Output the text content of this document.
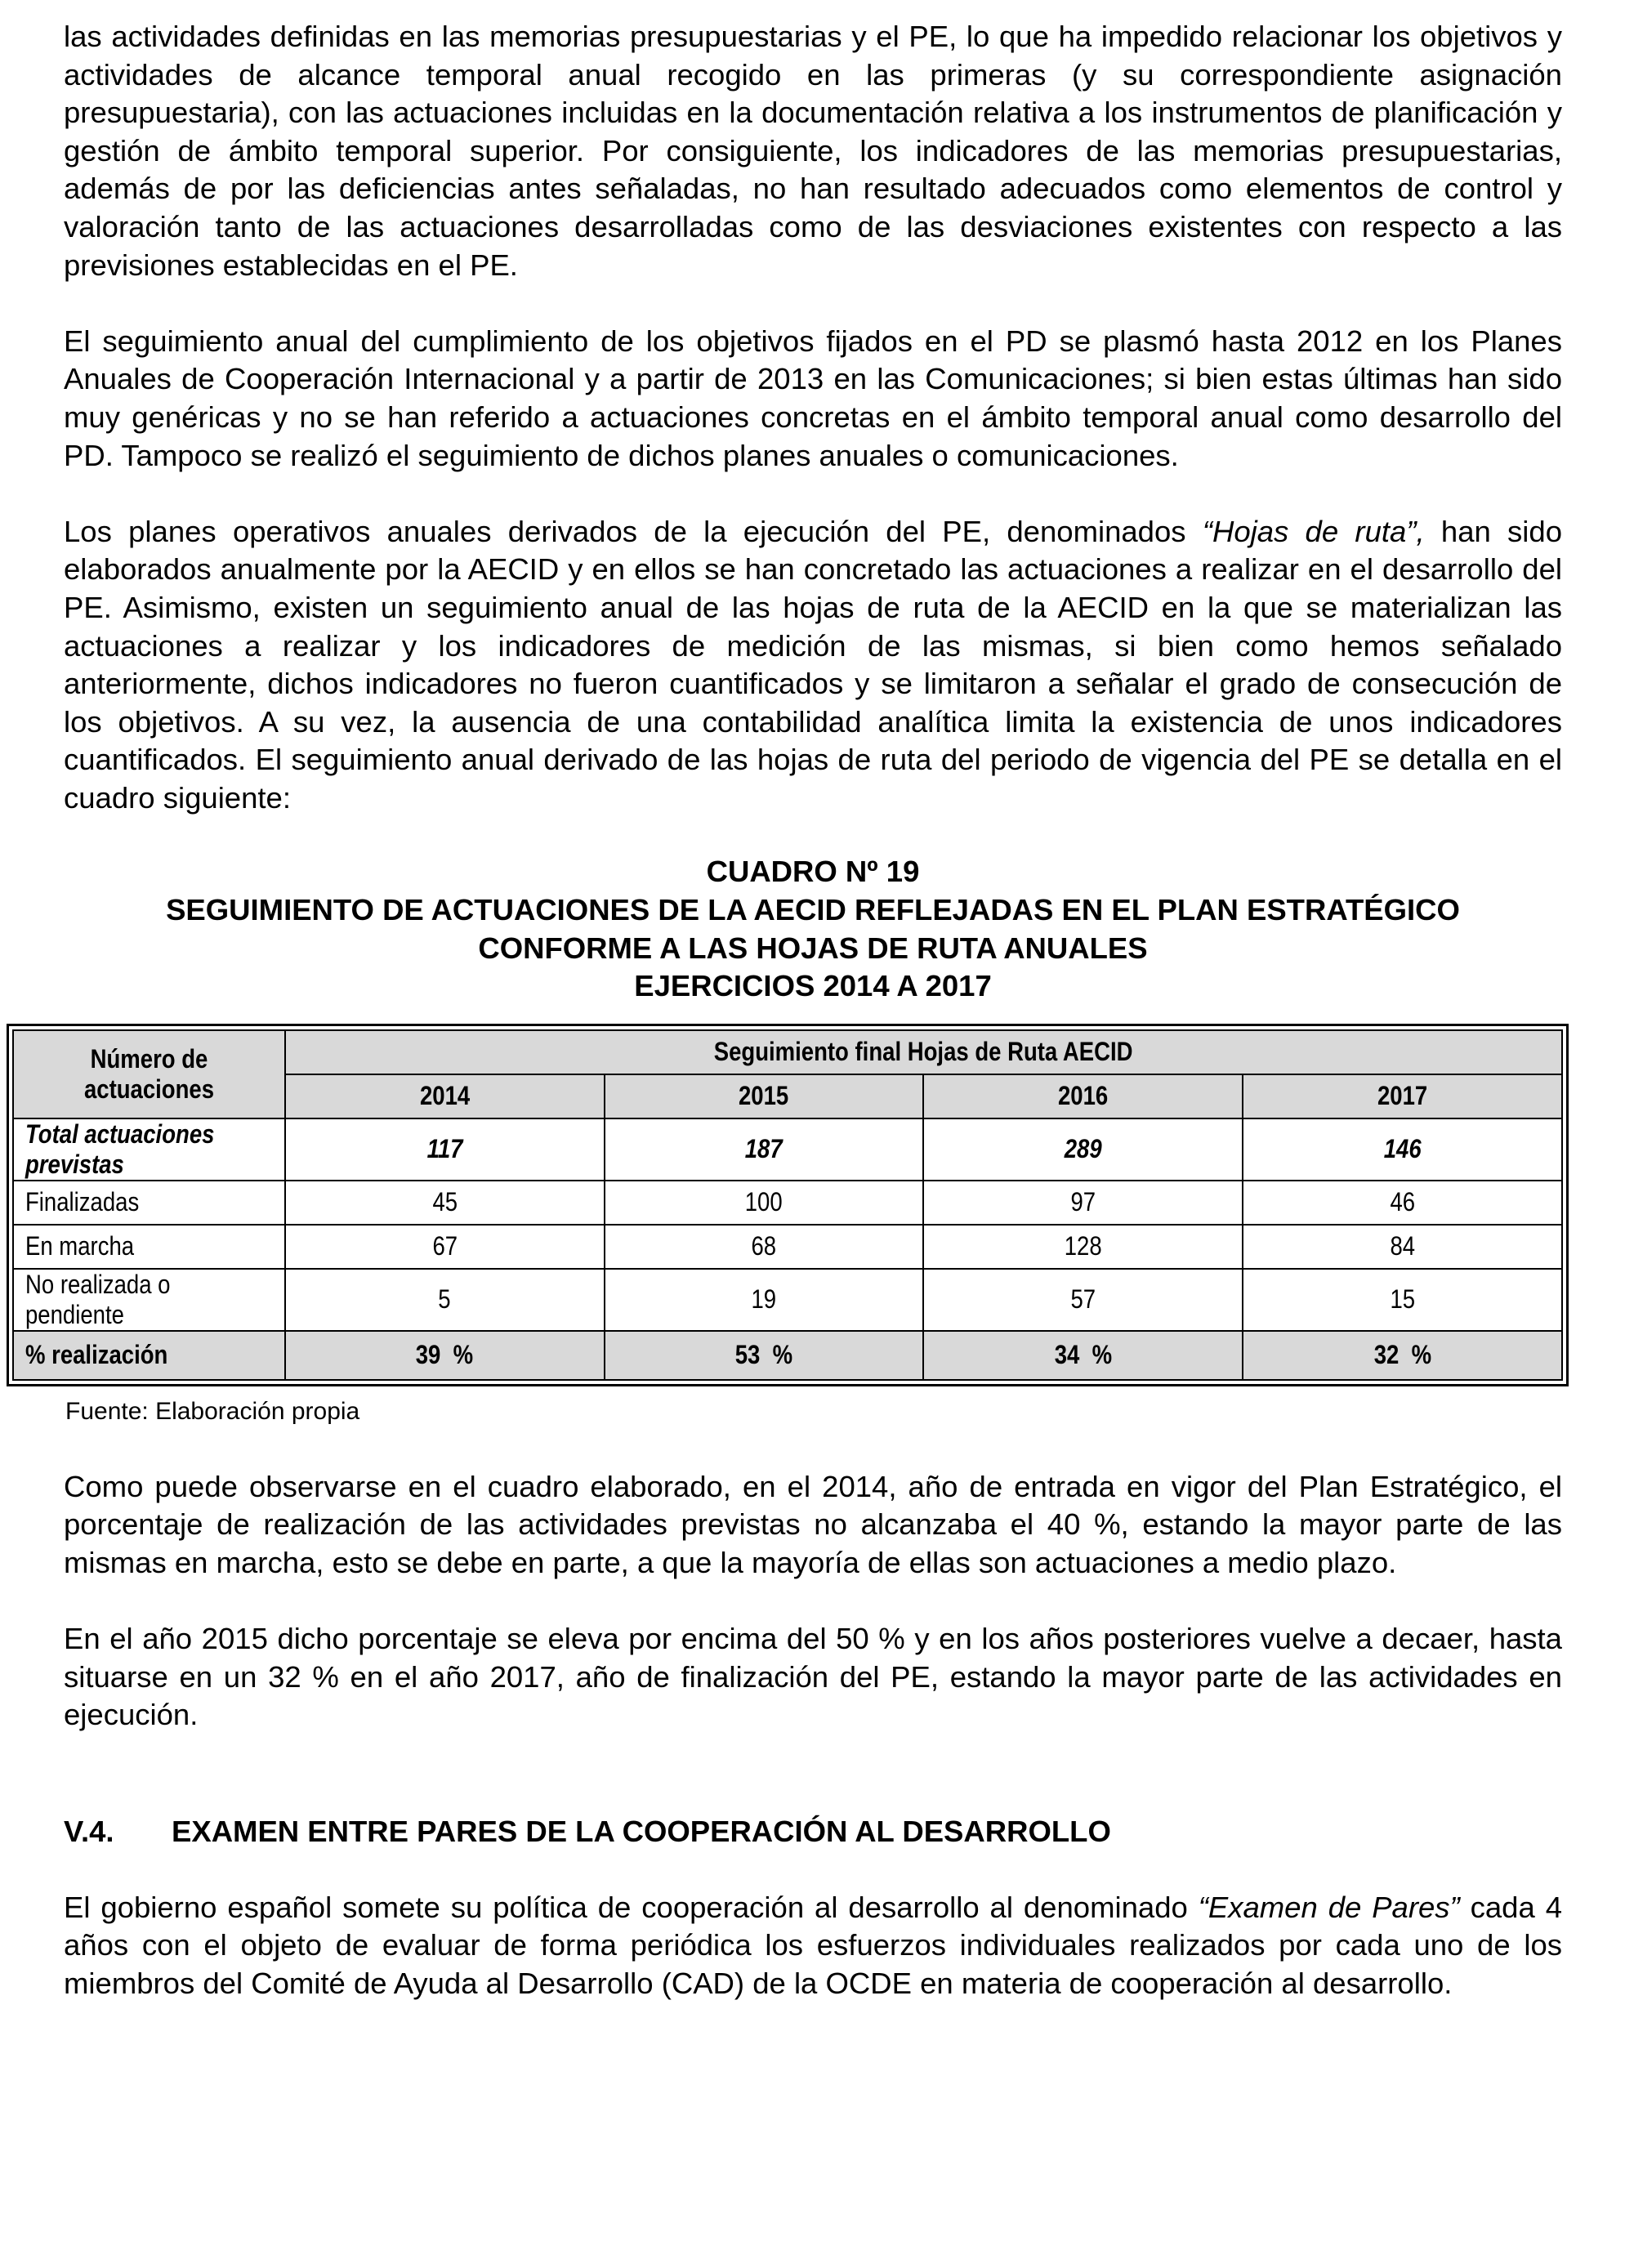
las actividades definidas en las memorias presupuestarias y el PE, lo que ha impedido relacionar los objetivos y actividades de alcance temporal anual recogido en las primeras (y su correspondiente asignación presupuestaria), con las actuaciones incluidas en la documentación relativa a los instrumentos de planificación y gestión de ámbito temporal superior. Por consiguiente, los indicadores de las memorias presupuestarias, además de por las deficiencias antes señaladas, no han resultado adecuados como elementos de control y valoración tanto de las actuaciones desarrolladas como de las desviaciones existentes con respecto a las previsiones establecidas en el PE.

El seguimiento anual del cumplimiento de los objetivos fijados en el PD se plasmó hasta 2012 en los Planes Anuales de Cooperación Internacional y a partir de 2013 en las Comunicaciones; si bien estas últimas han sido muy genéricas y no se han referido a actuaciones concretas en el ámbito temporal anual como desarrollo del PD. Tampoco se realizó el seguimiento de dichos planes anuales o comunicaciones.

Los planes operativos anuales derivados de la ejecución del PE, denominados “Hojas de ruta”, han sido elaborados anualmente por la AECID y en ellos se han concretado las actuaciones a realizar en el desarrollo del PE. Asimismo, existen un seguimiento anual de las hojas de ruta de la AECID en la que se materializan las actuaciones a realizar y los indicadores de medición de las mismas, si bien como hemos señalado anteriormente, dichos indicadores no fueron cuantificados y se limitaron a señalar el grado de consecución de los objetivos. A su vez, la ausencia de una contabilidad analítica limita la existencia de unos indicadores cuantificados. El seguimiento anual derivado de las hojas de ruta del periodo de vigencia del PE se detalla en el cuadro siguiente:

CUADRO Nº 19
SEGUIMIENTO DE ACTUACIONES DE LA AECID REFLEJADAS EN EL PLAN ESTRATÉGICO
CONFORME A LAS HOJAS DE RUTA ANUALES
EJERCICIOS 2014 A 2017
Número de actuaciones	Seguimiento final Hojas de Ruta AECID			
	2014	2015	2016	2017
Total actuaciones previstas	117	187	289	146
Finalizadas	45	100	97	46
En marcha	67	68	128	84
No realizada o pendiente	5	19	57	15
% realización	39  %	53  %	34  %	32  %
Fuente: Elaboración propia

Como puede observarse en el cuadro elaborado, en el 2014, año de entrada en vigor del Plan Estratégico, el porcentaje de realización de las actividades previstas no alcanzaba el 40 %, estando la mayor parte de las mismas en marcha, esto se debe en parte, a que la mayoría de ellas son actuaciones a medio plazo.

En el año 2015 dicho porcentaje se eleva por encima del 50 % y en los años posteriores vuelve a decaer, hasta situarse en un 32 % en el año 2017, año de finalización del PE, estando la mayor parte de las actividades en ejecución.

V.4. EXAMEN ENTRE PARES DE LA COOPERACIÓN AL DESARROLLO

El gobierno español somete su política de cooperación al desarrollo al denominado “Examen de Pares” cada 4 años con el objeto de evaluar de forma periódica los esfuerzos individuales realizados por cada uno de los miembros del Comité de Ayuda al Desarrollo (CAD) de la OCDE en materia de cooperación al desarrollo.
